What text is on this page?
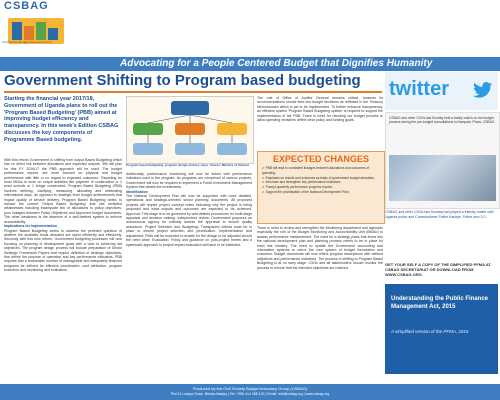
CSBAG
Civil Society Budget Advocacy Group
Advocating for a People Centered Budget that Dignifies Humanity
Government Shifting to Program based budgeting
Starting the financial year 2017/18, Government of Uganda plans to roll out the 'Program Based Budgeting' (PBB) aimed at improving budget efficiency and transparency. In this week's Edition CSBAG discusses the key components of Programme Based budgeting.
With this reform Government is shifting from output Based Budgeting which has no direct link between allocations and expected outputs. 'We will plan for this FY 2016/17 the PBB approach will be used. The budget performance reports, are more focused on physical and budget performance with little or no regard to expected outcomes.' Reporting for most MDAs is more on output activities like payment of construction or 1 seed schools or 1 bridge constructed. Program Based Budgeting (PBB) involves defining, clarifying, measuring, allocating and celebrating international days, as opposed to strategic level budget achievements that impact quality of service delivery. Program Based Budgeting seeks to replace the current 'Output Based Budgeting' that has exhibited weaknesses including inadequate link of allocations to policy objectives, poor linkages between Policy Objectives and Approved budget documents. The other weakness is the absence of a well-defined system to enforce accountability.
Implications for Implementation
Program Based Budgeting seeks to address the pertinent question of whether the available funds allocated are spent efficiently and effectively. Secondly with this new reform, Government budgeting processes will now focusing on planning of development goals with a view to achieving set objectives. The program design process will include preparation of Sector Strategic Framework Papers that require definition of strategic objectives, that define the purpose of operation and key performance indicators. PBB requires that a reasonable number of manageable and adequately financed programs be defined for effective coordination, cost attribution, program execution and monitoring and evaluation.
Program based budgeting, program design and key steps. Source: Ministry of Finance
Additionally, performance monitoring will now be linked with performance indicators used in the program. As programs are comprised of various projects, Government will now be required to implement a Public Investment Management System that details the investments.
Identification
The National Development Plan will now be supported with more detailed, operational and strategic-oriented sector planning documents. All proposed projects will require project concept notes indicating why the project is being proposed and what outputs and outcomes are expected to be achieved. Approval: This stage is to be governed by well-defined procedures for multi-stage appraisal and decision making. Independent review: Government proposes an autonomous agency be critically assess the appraisal to ensure quality assurance. Project Selection and Budgeting: Transparent criteria must be in place to ensure project selection and prioritization. Implementation and adjustment: PIMs will be expected to enable for the design to be adjusted should the need arise. Evaluation: Policy and guidance on post-project review and a systematic approach to project impact evaluation will have to be instituted.
The role of Office of Auditor General remains critical, however its recommendations should feed into budget decisions as reflected in the Treasury Memorandum which is yet to be implemented. To further enhance transparency, an effective system 'Program Based Budgeting system' is required to support the implementation of the PBB. There is need for retooling our budget process to allow spending ministries define clear policy and funding goals.
EXPECTED CHANGES
✔ PBB will lead to consistent linkages between allocations and outcomes of spending.
✔ Emphasis on results and outcomes as basis of government budget allocation.
✔ Introduce and strengthen key performance indicators.
✔ Prompt quarterly performance progress reports.
✔ Support the prioritisation of the National Development Plan.
There is need to review and strengthen the Monitoring department and agencies especially the role of the Budget Monitoring and Accountability Unit (BMAU) to assess performance measurement. The need for a strategy plans that feeds into the national development plan and planning process needs to be in place for each line ministry. The need to update the Government accounting and information systems to mirror the new system of budget formulation and execution. Budget documents will now reflect program descriptions with defined objectives and performance indicators. The process of shifting to Program Based Budgeting is at no early stage. CSOs and all stakeholders should monitor the process to ensure that the intended objectives are realized.
twitter
CSBAG and other CSOs last Sunday held a family match on the budget process during the pre-budget consultations in Kampala. Photo: CSBAG
CSBAG and other CSOs last Sunday had played a friendly match with Uganda police and Commissioner Police Kasirye. Police won 3-0
GET YOUR SELF A COPY OF THE SIMPLIFIED PFMA AT CSBAG SECRETARIAT OR DOWNLOAD FROM WWW.CSBAG.ORG
Understanding the Public Finance Management Act, 2015
A simplified version of the PFMA, 2015
Produced by the Civil Society Budget Advocacy Group (CSBAG)
Plot 11 Lutaya Close, Ntinda-Naalya | Tel: +256 414 288 100 | Email: info@csbag.org | www.csbag.org
